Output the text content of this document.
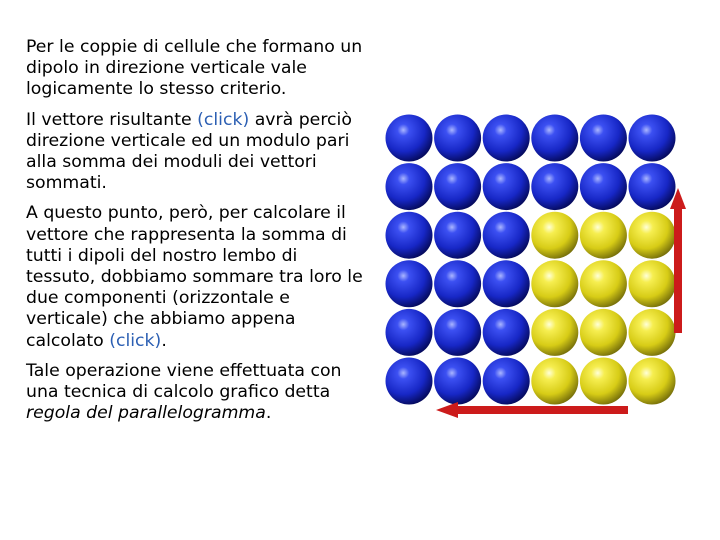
Per le coppie di cellule che formano un dipolo in direzione verticale vale logicamente lo stesso criterio.

Il vettore risultante (click) avrà perciò direzione verticale ed un modulo pari alla somma dei moduli dei vettori sommati.

A questo punto, però, per calcolare il vettore che rappresenta la somma di tutti i dipoli del nostro lembo di tessuto, dobbiamo sommare tra loro le due componenti (orizzontale e verticale) che abbiamo appena calcolato (click).

Tale operazione viene effettuata con una tecnica di calcolo grafico detta regola del parallelogramma.
